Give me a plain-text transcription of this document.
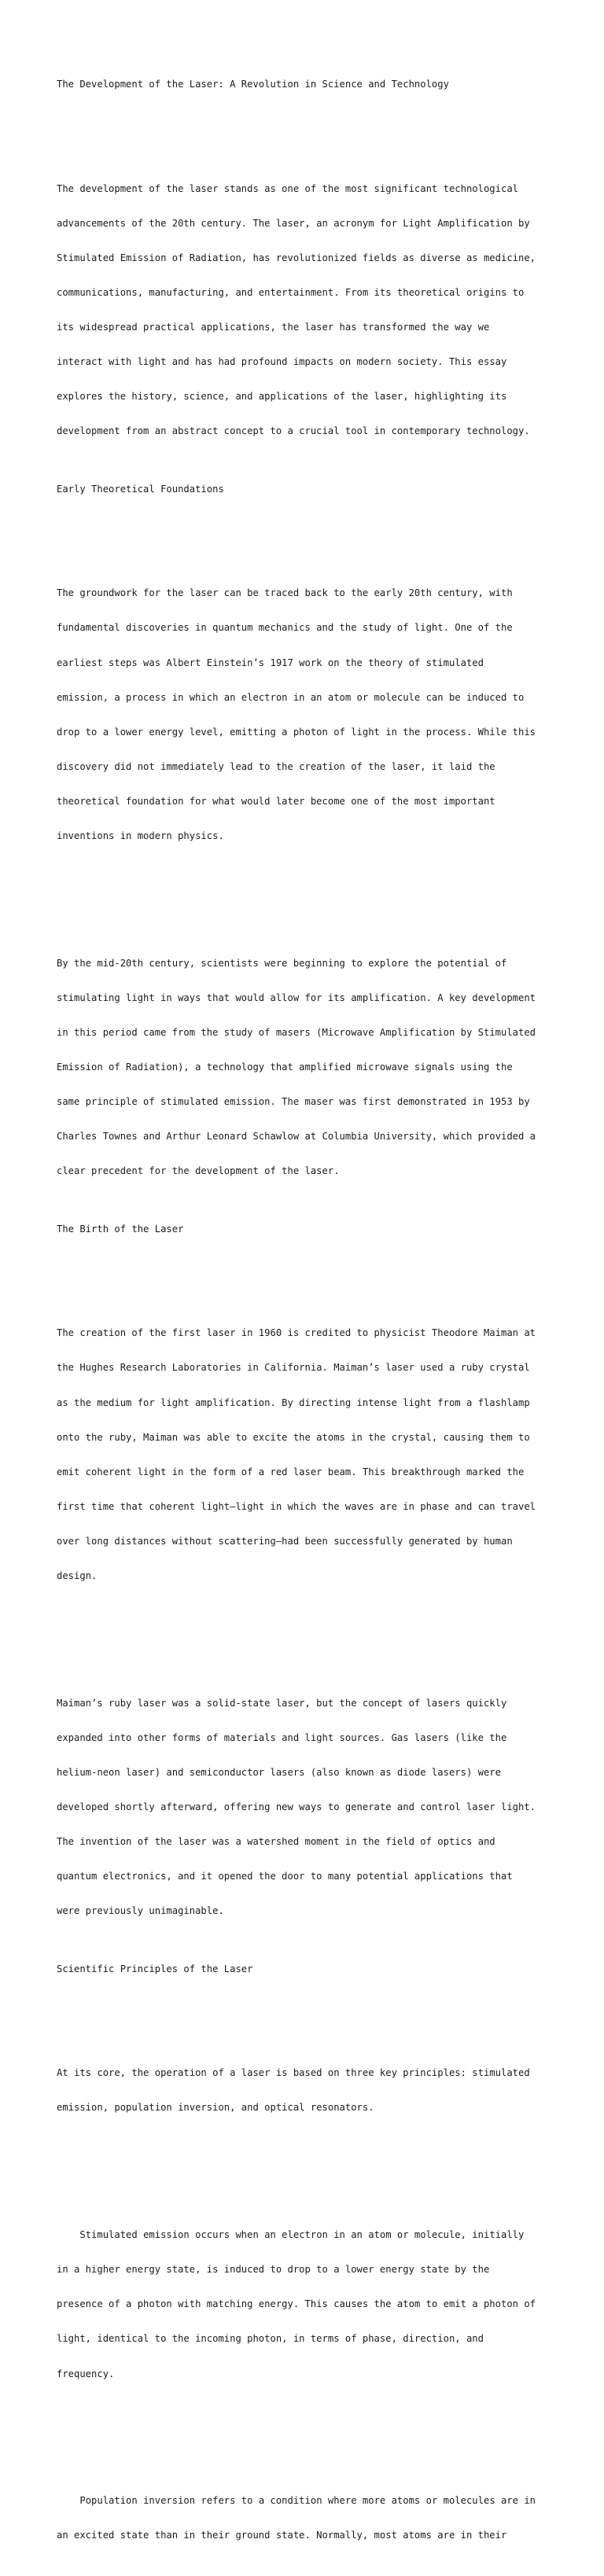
The Development of the Laser: A Revolution in Science and Technology

The development of the laser stands as one of the most significant technological

advancements of the 20th century. The laser, an acronym for Light Amplification by

Stimulated Emission of Radiation, has revolutionized fields as diverse as medicine,

communications, manufacturing, and entertainment. From its theoretical origins to

its widespread practical applications, the laser has transformed the way we

interact with light and has had profound impacts on modern society. This essay

explores the history, science, and applications of the laser, highlighting its

development from an abstract concept to a crucial tool in contemporary technology.

Early Theoretical Foundations

The groundwork for the laser can be traced back to the early 20th century, with

fundamental discoveries in quantum mechanics and the study of light. One of the

earliest steps was Albert Einstein’s 1917 work on the theory of stimulated

emission, a process in which an electron in an atom or molecule can be induced to

drop to a lower energy level, emitting a photon of light in the process. While this

discovery did not immediately lead to the creation of the laser, it laid the

theoretical foundation for what would later become one of the most important

inventions in modern physics.

By the mid-20th century, scientists were beginning to explore the potential of

stimulating light in ways that would allow for its amplification. A key development

in this period came from the study of masers (Microwave Amplification by Stimulated

Emission of Radiation), a technology that amplified microwave signals using the

same principle of stimulated emission. The maser was first demonstrated in 1953 by

Charles Townes and Arthur Leonard Schawlow at Columbia University, which provided a

clear precedent for the development of the laser.

The Birth of the Laser

The creation of the first laser in 1960 is credited to physicist Theodore Maiman at

the Hughes Research Laboratories in California. Maiman’s laser used a ruby crystal

as the medium for light amplification. By directing intense light from a flashlamp

onto the ruby, Maiman was able to excite the atoms in the crystal, causing them to

emit coherent light in the form of a red laser beam. This breakthrough marked the

first time that coherent light—light in which the waves are in phase and can travel

over long distances without scattering—had been successfully generated by human

design.

Maiman’s ruby laser was a solid-state laser, but the concept of lasers quickly

expanded into other forms of materials and light sources. Gas lasers (like the

helium-neon laser) and semiconductor lasers (also known as diode lasers) were

developed shortly afterward, offering new ways to generate and control laser light.

The invention of the laser was a watershed moment in the field of optics and

quantum electronics, and it opened the door to many potential applications that

were previously unimaginable.

Scientific Principles of the Laser

At its core, the operation of a laser is based on three key principles: stimulated

emission, population inversion, and optical resonators.

Stimulated emission occurs when an electron in an atom or molecule, initially

in a higher energy state, is induced to drop to a lower energy state by the

presence of a photon with matching energy. This causes the atom to emit a photon of

light, identical to the incoming photon, in terms of phase, direction, and

frequency.

Population inversion refers to a condition where more atoms or molecules are in

an excited state than in their ground state. Normally, most atoms are in their
